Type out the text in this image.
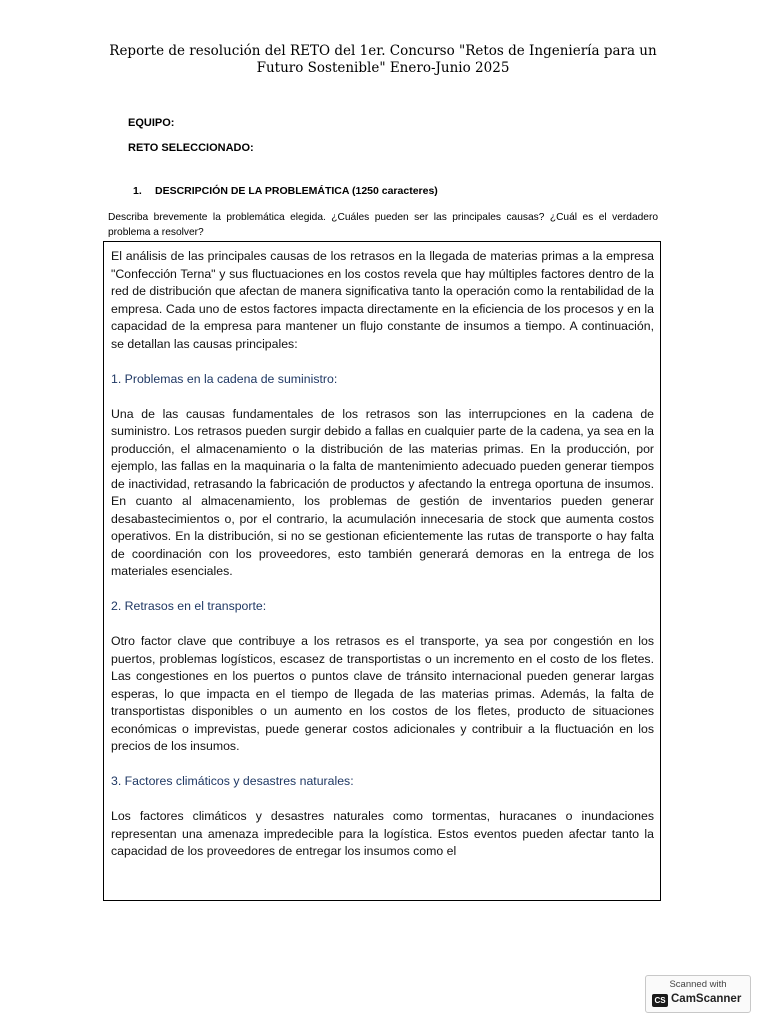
Reporte de resolución del RETO del 1er. Concurso "Retos de Ingeniería para un Futuro Sostenible" Enero-Junio 2025
EQUIPO:
RETO SELECCIONADO:
1. DESCRIPCIÓN DE LA PROBLEMÁTICA (1250 caracteres)
Describa brevemente la problemática elegida. ¿Cuáles pueden ser las principales causas? ¿Cuál es el verdadero problema a resolver?

El análisis de las principales causas de los retrasos en la llegada de materias primas a la empresa "Confección Terna" y sus fluctuaciones en los costos revela que hay múltiples factores dentro de la red de distribución que afectan de manera significativa tanto la operación como la rentabilidad de la empresa. Cada uno de estos factores impacta directamente en la eficiencia de los procesos y en la capacidad de la empresa para mantener un flujo constante de insumos a tiempo. A continuación, se detallan las causas principales:

1. Problemas en la cadena de suministro:

Una de las causas fundamentales de los retrasos son las interrupciones en la cadena de suministro. Los retrasos pueden surgir debido a fallas en cualquier parte de la cadena, ya sea en la producción, el almacenamiento o la distribución de las materias primas. En la producción, por ejemplo, las fallas en la maquinaria o la falta de mantenimiento adecuado pueden generar tiempos de inactividad, retrasando la fabricación de productos y afectando la entrega oportuna de insumos. En cuanto al almacenamiento, los problemas de gestión de inventarios pueden generar desabastecimientos o, por el contrario, la acumulación innecesaria de stock que aumenta costos operativos. En la distribución, si no se gestionan eficientemente las rutas de transporte o hay falta de coordinación con los proveedores, esto también generará demoras en la entrega de los materiales esenciales.

2. Retrasos en el transporte:

Otro factor clave que contribuye a los retrasos es el transporte, ya sea por congestión en los puertos, problemas logísticos, escasez de transportistas o un incremento en el costo de los fletes. Las congestiones en los puertos o puntos clave de tránsito internacional pueden generar largas esperas, lo que impacta en el tiempo de llegada de las materias primas. Además, la falta de transportistas disponibles o un aumento en los costos de los fletes, producto de situaciones económicas o imprevistas, puede generar costos adicionales y contribuir a la fluctuación en los precios de los insumos.

3. Factores climáticos y desastres naturales:

Los factores climáticos y desastres naturales como tormentas, huracanes o inundaciones representan una amenaza impredecible para la logística. Estos eventos pueden afectar tanto la capacidad de los proveedores de entregar los insumos como el

Scanned with
CS CamScanner
